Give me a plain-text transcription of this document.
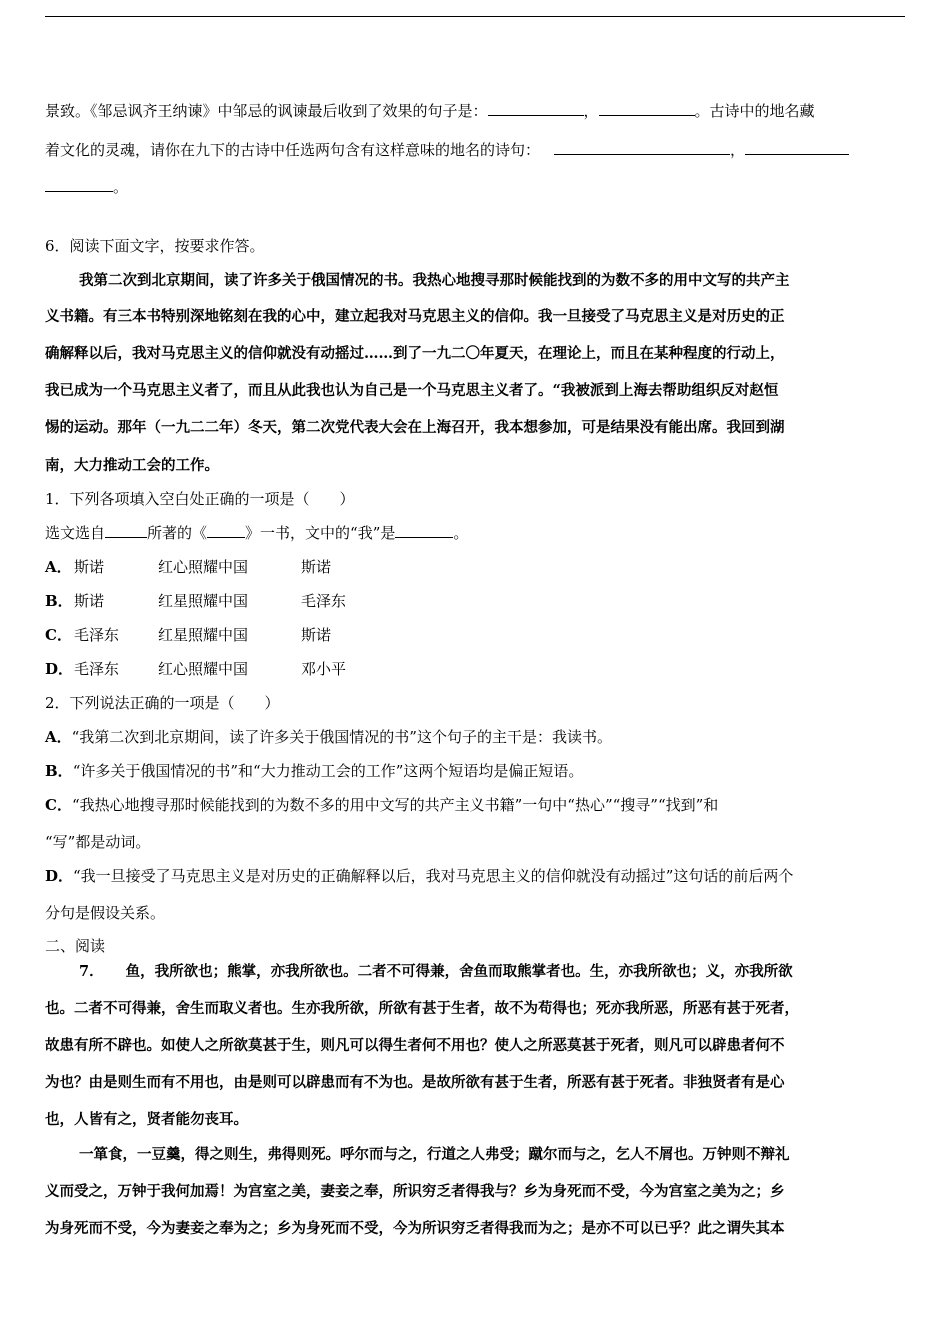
景致。《邹忌讽齐王纳谏》中邹忌的讽谏最后收到了效果的句子是：	，	。古诗中的地名藏
着文化的灵魂，请你在九下的古诗中任选两句含有这样意味的地名的诗句：	，
。
6．阅读下面文字，按要求作答。
我第二次到北京期间，读了许多关于俄国情况的书。我热心地搜寻那时候能找到的为数不多的用中文写的共产主
义书籍。有三本书特别深地铭刻在我的心中，建立起我对马克思主义的信仰。我一旦接受了马克思主义是对历史的正
确解释以后，我对马克思主义的信仰就没有动摇过……到了一九二〇年夏天，在理论上，而且在某种程度的行动上，
我已成为一个马克思主义者了，而且从此我也认为自己是一个马克思主义者了。“我被派到上海去帮助组织反对赵恒
惕的运动。那年（一九二二年）冬天，第二次党代表大会在上海召开，我本想参加，可是结果没有能出席。我回到湖
南，大力推动工会的工作。
1．下列各项填入空白处正确的一项是（　　）
选文选自	所著的《	》一书，文中的“我”是	。
A． 斯诺	红心照耀中国	斯诺
B． 斯诺	红星照耀中国	毛泽东
C． 毛泽东	红星照耀中国	斯诺
D． 毛泽东	红心照耀中国	邓小平
2．下列说法正确的一项是（　　）
A．“我第二次到北京期间，读了许多关于俄国情况的书”这个句子的主干是：我读书。
B．“许多关于俄国情况的书”和“大力推动工会的工作”这两个短语均是偏正短语。
C．“我热心地搜寻那时候能找到的为数不多的用中文写的共产主义书籍”一句中“热心”“搜寻”“找到”和
“写”都是动词。
D．“我一旦接受了马克思主义是对历史的正确解释以后，我对马克思主义的信仰就没有动摇过”这句话的前后两个
分句是假设关系。
二、阅读
7． 鱼，我所欲也；熊掌，亦我所欲也。二者不可得兼，舍鱼而取熊掌者也。生，亦我所欲也；义，亦我所欲
也。二者不可得兼，舍生而取义者也。生亦我所欲，所欲有甚于生者，故不为苟得也；死亦我所恶，所恶有甚于死者，
故患有所不辟也。如使人之所欲莫甚于生，则凡可以得生者何不用也？使人之所恶莫甚于死者，则凡可以辟患者何不
为也？由是则生而有不用也，由是则可以辟患而有不为也。是故所欲有甚于生者，所恶有甚于死者。非独贤者有是心
也，人皆有之，贤者能勿丧耳。
一箪食，一豆羹，得之则生，弗得则死。呼尔而与之，行道之人弗受；蹴尔而与之，乞人不屑也。万钟则不辩礼
义而受之，万钟于我何加焉！为宫室之美，妻妾之奉，所识穷乏者得我与？乡为身死而不受，今为宫室之美为之；乡
为身死而不受，今为妻妾之奉为之；乡为身死而不受，今为所识穷乏者得我而为之；是亦不可以已乎？此之谓失其本
